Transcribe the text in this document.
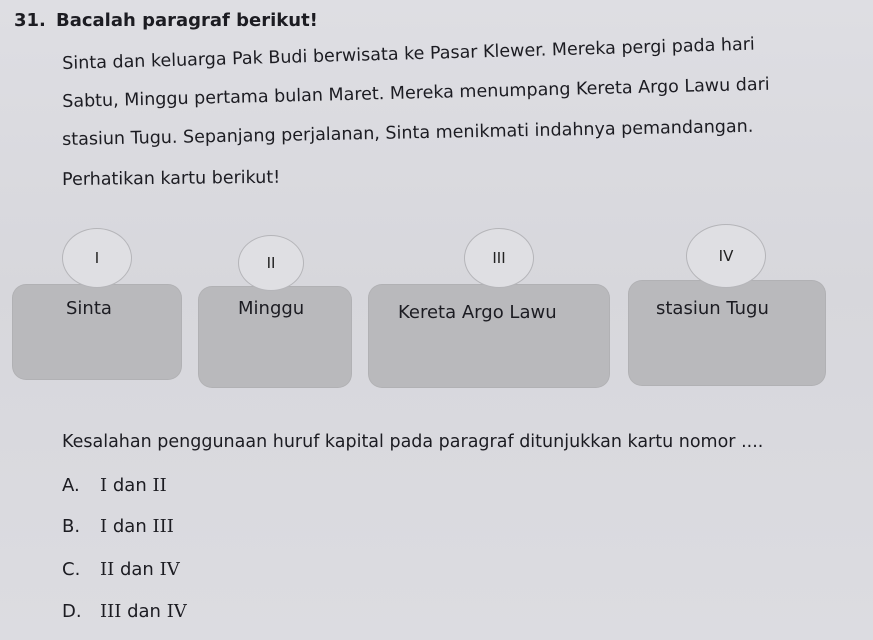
31. Bacalah paragraf berikut!
Sinta dan keluarga Pak Budi berwisata ke Pasar Klewer. Mereka pergi pada hari
Sabtu, Minggu pertama bulan Maret. Mereka menumpang Kereta Argo Lawu dari
stasiun Tugu. Sepanjang perjalanan, Sinta menikmati indahnya pemandangan.
Perhatikan kartu berikut!
I
Sinta
II
Minggu
III
Kereta Argo Lawu
IV
stasiun Tugu
Kesalahan penggunaan huruf kapital pada paragraf ditunjukkan kartu nomor ....
A. I dan II
B. I dan III
C. II dan IV
D. III dan IV
